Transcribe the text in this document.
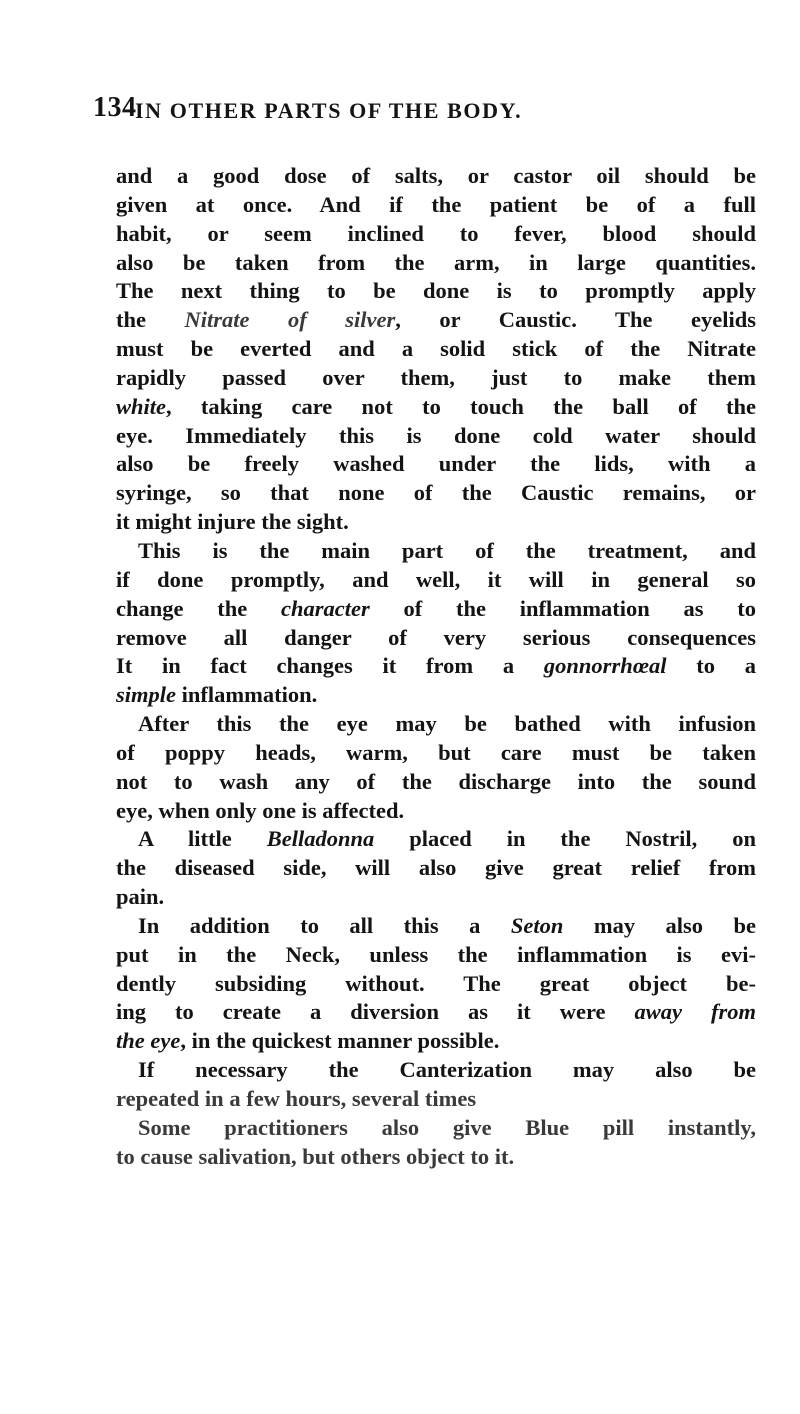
134
IN OTHER PARTS OF THE BODY.
and a good dose of salts, or castor oil should be
given at once. And if the patient be of a full
habit, or seem inclined to fever, blood should
also be taken from the arm, in large quantities.
The next thing to be done is to promptly apply
the Nitrate of silver, or Caustic. The eyelids
must be everted and a solid stick of the Nitrate
rapidly passed over them, just to make them
white, taking care not to touch the ball of the
eye. Immediately this is done cold water should
also be freely washed under the lids, with a
syringe, so that none of the Caustic remains, or
it might injure the sight.
This is the main part of the treatment, and
if done promptly, and well, it will in general so
change the character of the inflammation as to
remove all danger of very serious consequences
It in fact changes it from a gonnorrhœal to a
simple inflammation.
After this the eye may be bathed with infusion
of poppy heads, warm, but care must be taken
not to wash any of the discharge into the sound
eye, when only one is affected.
A little Belladonna placed in the Nostril, on
the diseased side, will also give great relief from
pain.
In addition to all this a Seton may also be
put in the Neck, unless the inflammation is evi-
dently subsiding without. The great object be-
ing to create a diversion as it were away from
the eye, in the quickest manner possible.
If necessary the Canterization may also be
repeated in a few hours, several times
Some practitioners also give Blue pill instantly,
to cause salivation, but others object to it.
